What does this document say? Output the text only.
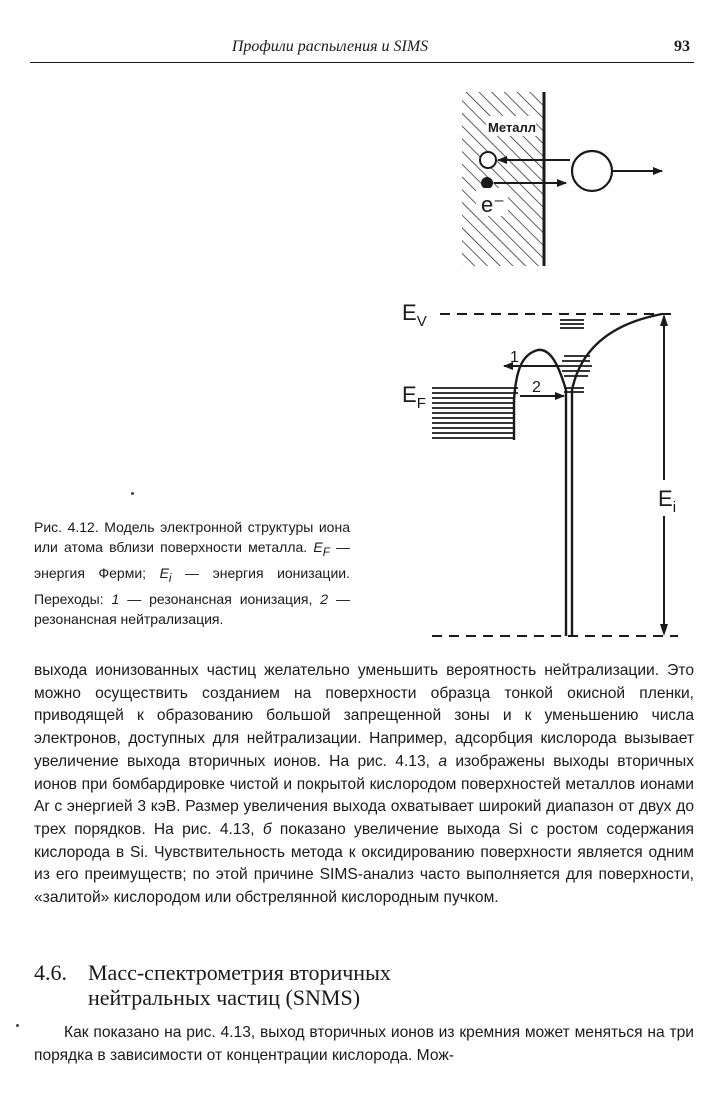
Профили распыления и SIMS	93
Металл
e⁻
$E_V$
$E_F$
$E_i$
1
2
Рис. 4.12. Модель электронной структуры иона или атома вблизи поверхности металла. $E_F$ — энергия Ферми; $E_i$ — энергия ионизации. Переходы: 1 — резонансная ионизация, 2 — резонансная нейтрализация.

выхода ионизованных частиц желательно уменьшить вероятность нейтрализации. Это можно осуществить созданием на поверхности образца тонкой окисной пленки, приводящей к образованию большой запрещенной зоны и к уменьшению числа электронов, доступных для нейтрализации. Например, адсорбция кислорода вызывает увеличение выхода вторичных ионов. На рис. 4.13, а изображены выходы вторичных ионов при бомбардировке чистой и покрытой кислородом поверхностей металлов ионами Ar с энергией 3 кэВ. Размер увеличения выхода охватывает широкий диапазон от двух до трех порядков. На рис. 4.13, б показано увеличение выхода Si с ростом содержания кислорода в Si. Чувствительность метода к оксидированию поверхности является одним из его преимуществ; по этой причине SIMS-анализ часто выполняется для поверхности, «залитой» кислородом или обстрелянной кислородным пучком.

4.6. Масс-спектрометрия вторичных
нейтральных частиц (SNMS)

Как показано на рис. 4.13, выход вторичных ионов из кремния может меняться на три порядка в зависимости от концентрации кислорода. Мож-
